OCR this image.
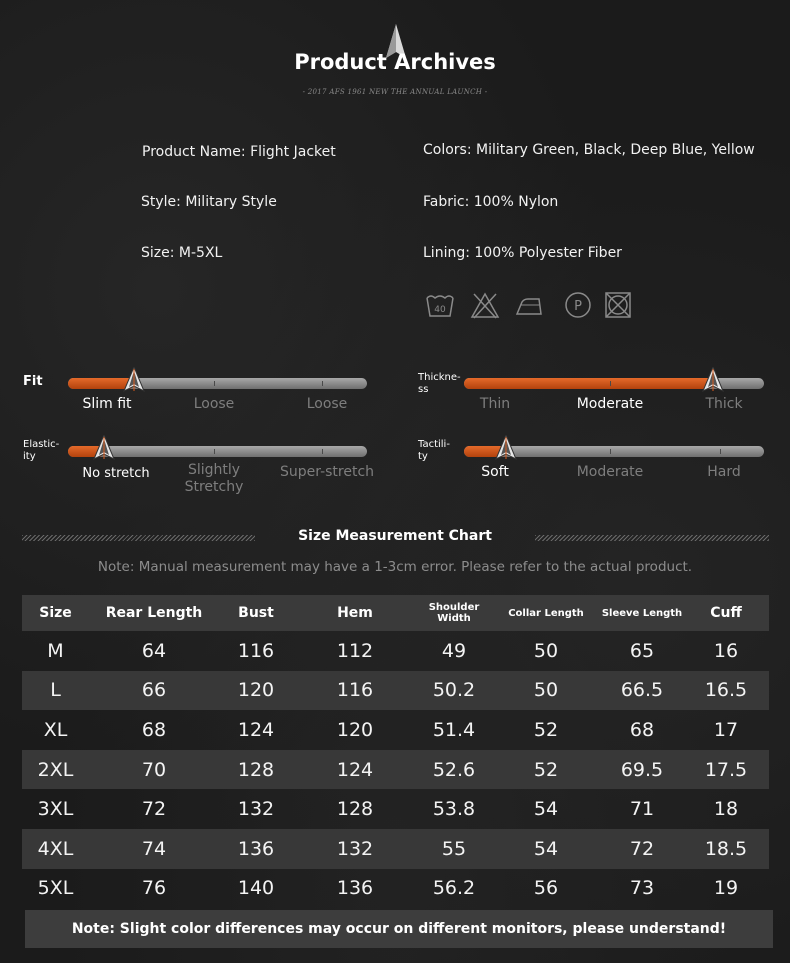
Product Archives
- 2017 AFS 1961 NEW THE ANNUAL LAUNCH -
Product Name: Flight Jacket
Style: Military Style
Size: M-5XL
Colors: Military Green, Black, Deep Blue, Yellow
Fabric: 100% Nylon
Lining: 100% Polyester Fiber
40	P
Fit
Slim fit	Loose	Loose
Thickne-
ss
Thin	Moderate	Thick
Elastic-
ity
No stretch	Slightly
Stretchy
Super-stretch
Tactili-
ty
Soft	Moderate	Hard
Size Measurement Chart
Note: Manual measurement may have a 1-3cm error. Please refer to the actual product.
Size	Rear Length	Bust	Hem	Shoulder Width	Collar Length	Sleeve Length	Cuff
M	64	116	112	49	50	65	16
L	66	120	116	50.2	50	66.5	16.5
XL	68	124	120	51.4	52	68	17
2XL	70	128	124	52.6	52	69.5	17.5
3XL	72	132	128	53.8	54	71	18
4XL	74	136	132	55	54	72	18.5
5XL	76	140	136	56.2	56	73	19
Note: Slight color differences may occur on different monitors, please understand!
